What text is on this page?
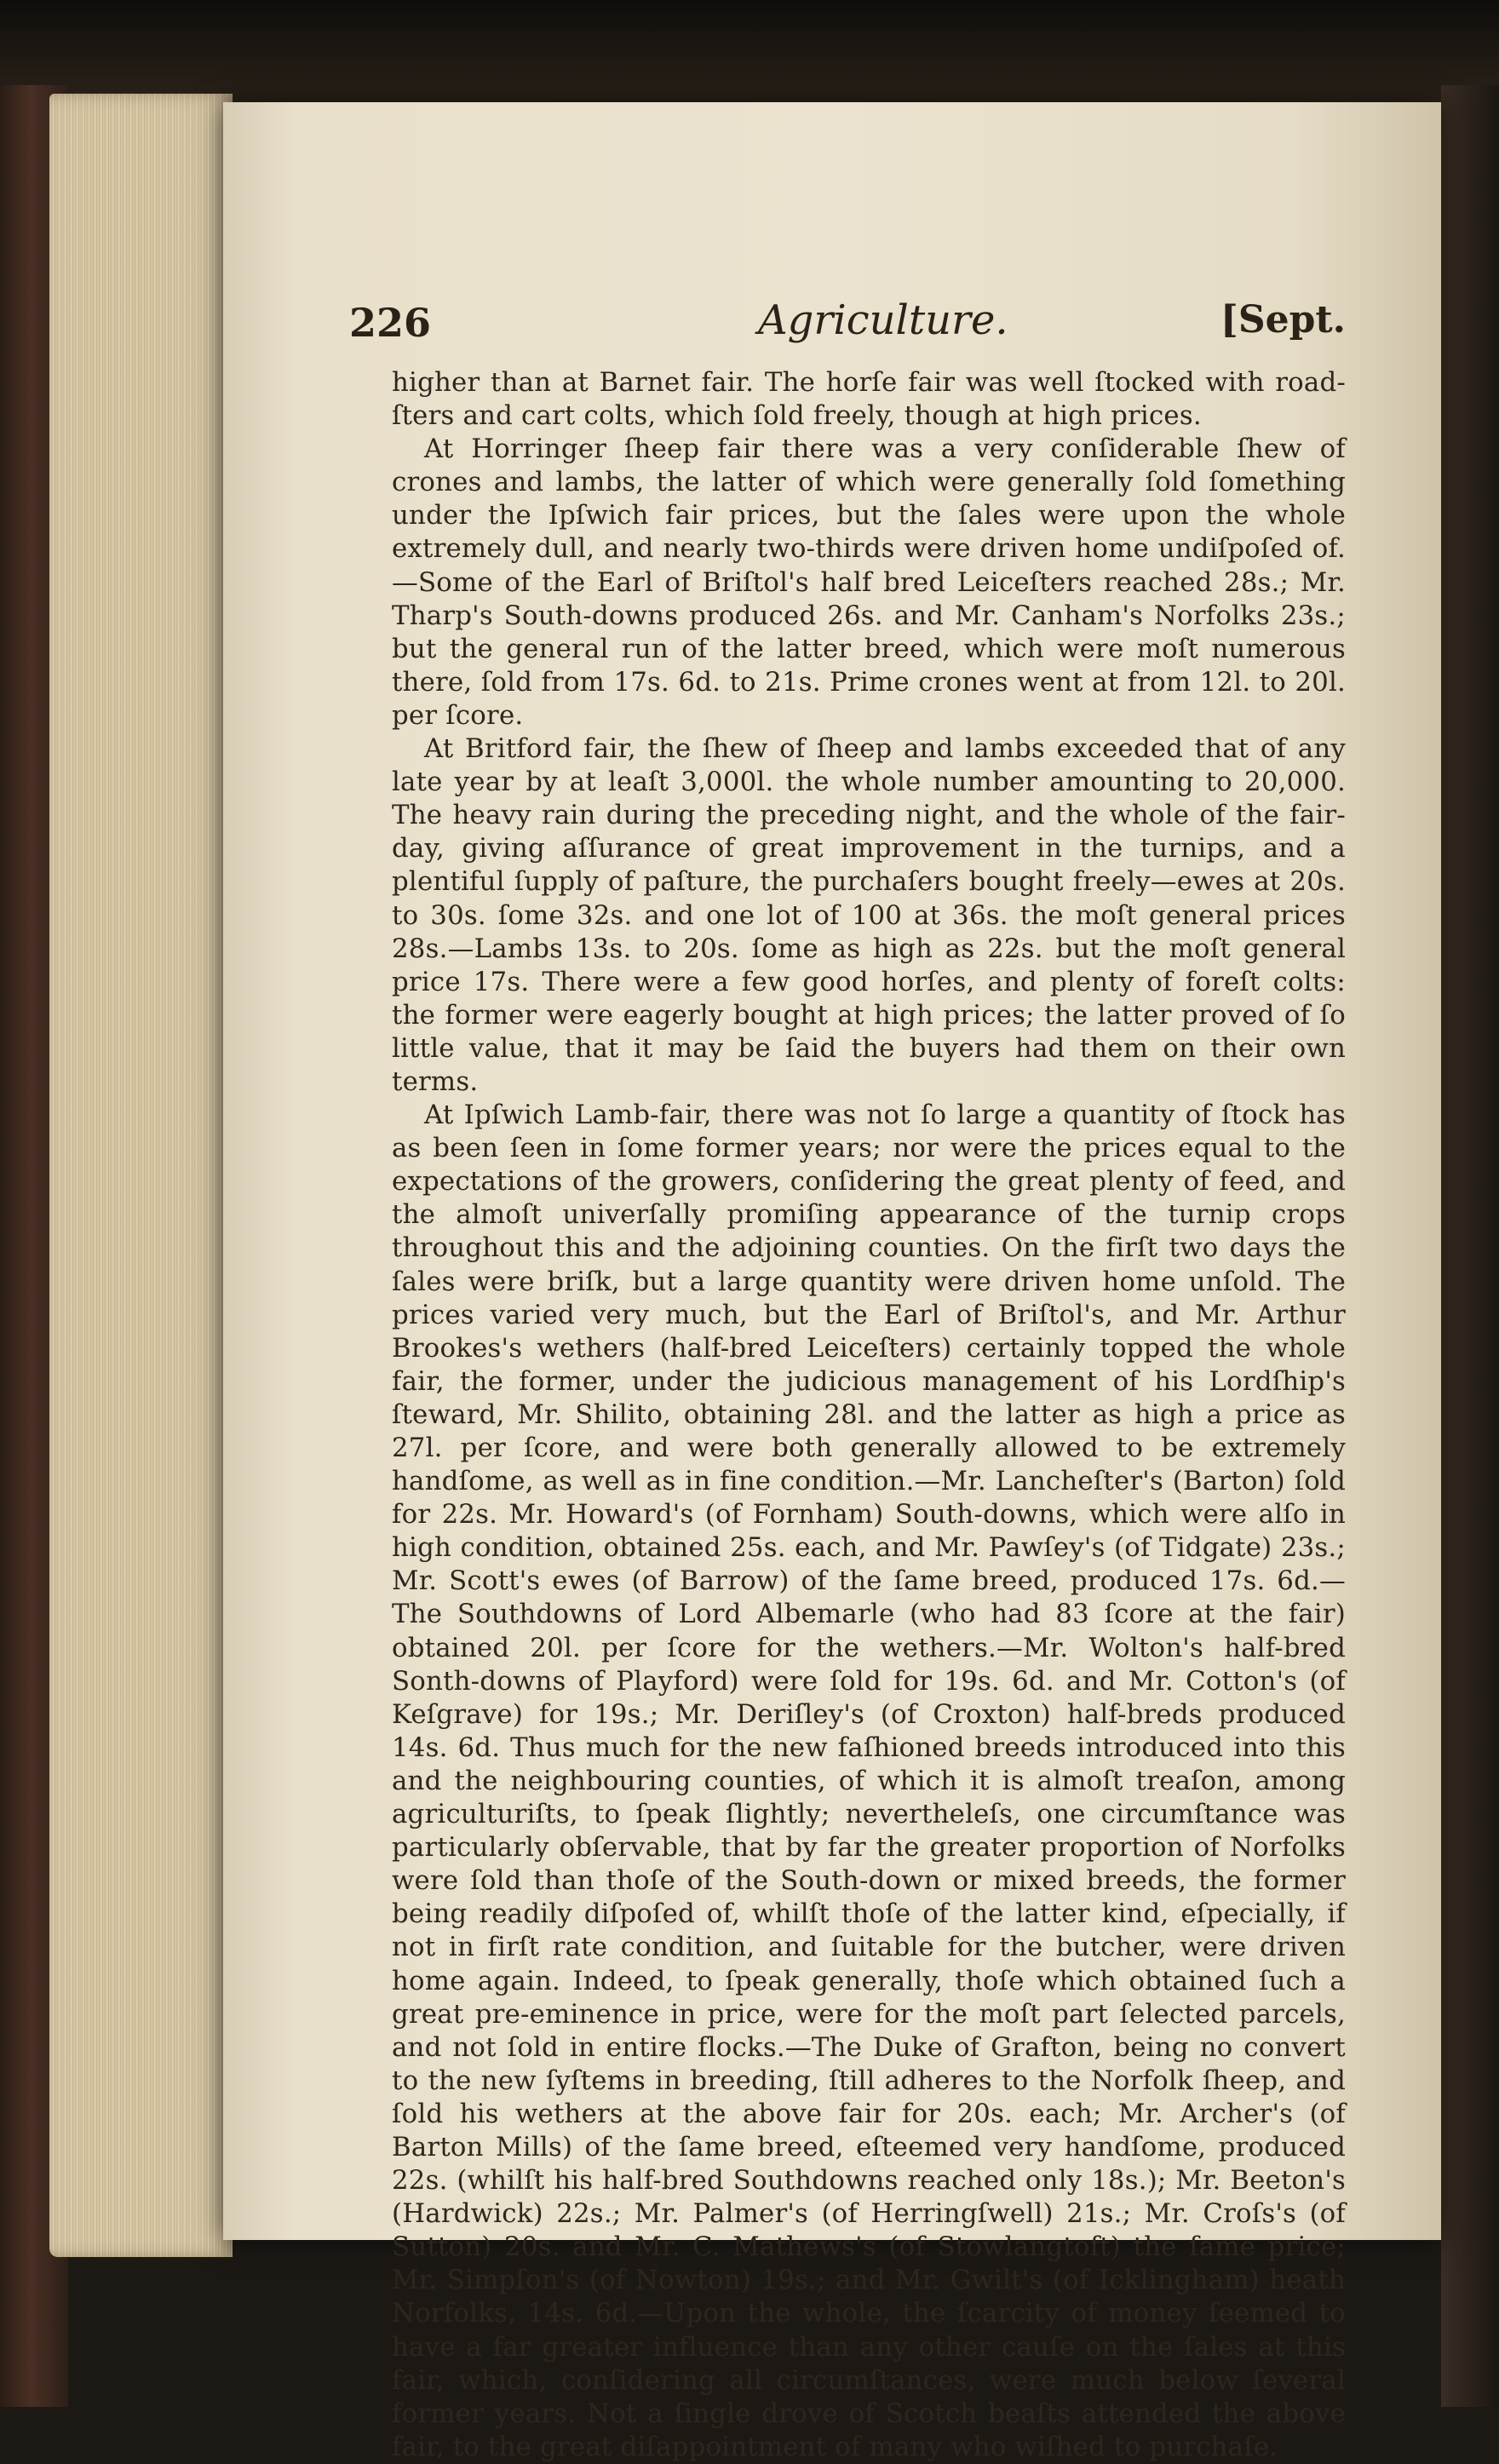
226	Agriculture.	[Sept.

higher than at Barnet fair. The horſe fair was well ſtocked with road-ſters and cart colts, which ſold freely, though at high prices.

At Horringer ſheep fair there was a very conſiderable ſhew of crones and lambs, the latter of which were generally ſold ſomething under the Ipſwich fair prices, but the ſales were upon the whole extremely dull, and nearly two-thirds were driven home undiſpoſed of.—Some of the Earl of Briſtol's half bred Leiceſters reached 28s.; Mr. Tharp's South-downs produced 26s. and Mr. Canham's Norfolks 23s.; but the general run of the latter breed, which were moſt numerous there, ſold from 17s. 6d. to 21s. Prime crones went at from 12l. to 20l. per ſcore.

At Britford fair, the ſhew of ſheep and lambs exceeded that of any late year by at leaſt 3,000l. the whole number amounting to 20,000. The heavy rain during the preceding night, and the whole of the fair-day, giving aſſurance of great improvement in the turnips, and a plentiful ſupply of paſture, the purchaſers bought freely—ewes at 20s. to 30s. ſome 32s. and one lot of 100 at 36s. the moſt general prices 28s.—Lambs 13s. to 20s. ſome as high as 22s. but the moſt general price 17s. There were a few good horſes, and plenty of foreſt colts: the former were eagerly bought at high prices; the latter proved of ſo little value, that it may be ſaid the buyers had them on their own terms.

At Ipſwich Lamb-fair, there was not ſo large a quantity of ſtock has as been ſeen in ſome former years; nor were the prices equal to the expectations of the growers, conſidering the great plenty of feed, and the almoſt univerſally promiſing appearance of the turnip crops throughout this and the adjoining counties. On the firſt two days the ſales were briſk, but a large quantity were driven home unſold. The prices varied very much, but the Earl of Briſtol's, and Mr. Arthur Brookes's wethers (half-bred Leiceſters) certainly topped the whole fair, the former, under the judicious management of his Lordſhip's ſteward, Mr. Shilito, obtaining 28l. and the latter as high a price as 27l. per ſcore, and were both generally allowed to be extremely handſome, as well as in fine condition.—Mr. Lancheſter's (Barton) ſold for 22s. Mr. Howard's (of Fornham) South-downs, which were alſo in high condition, obtained 25s. each, and Mr. Pawſey's (of Tidgate) 23s.; Mr. Scott's ewes (of Barrow) of the ſame breed, produced 17s. 6d.—The Southdowns of Lord Albemarle (who had 83 ſcore at the fair) obtained 20l. per ſcore for the wethers.—Mr. Wolton's half-bred Sonth-downs of Playford) were ſold for 19s. 6d. and Mr. Cotton's (of Keſgrave) for 19s.; Mr. Deriſley's (of Croxton) half-breds produced 14s. 6d. Thus much for the new faſhioned breeds introduced into this and the neighbouring counties, of which it is almoſt treaſon, among agriculturiſts, to ſpeak ſlightly; nevertheleſs, one circumſtance was particularly obſervable, that by far the greater proportion of Norfolks were ſold than thoſe of the South-down or mixed breeds, the former being readily diſpoſed of, whilſt thoſe of the latter kind, eſpecially, if not in firſt rate condition, and ſuitable for the butcher, were driven home again. Indeed, to ſpeak generally, thoſe which obtained ſuch a great pre-eminence in price, were for the moſt part ſelected parcels, and not ſold in entire flocks.—The Duke of Grafton, being no convert to the new ſyſtems in breeding, ſtill adheres to the Norfolk ſheep, and ſold his wethers at the above fair for 20s. each; Mr. Archer's (of Barton Mills) of the ſame breed, eſteemed very handſome, produced 22s. (whilſt his half-bred Southdowns reached only 18s.); Mr. Beeton's (Hardwick) 22s.; Mr. Palmer's (of Herringſwell) 21s.; Mr. Croſs's (of Sutton) 20s. and Mr. C. Mathews's (of Stowlangtoft) the ſame price; Mr. Simpſon's (of Nowton) 19s.; and Mr. Gwilt's (of Icklingham) heath Norfolks, 14s. 6d.—Upon the whole, the ſcarcity of money ſeemed to have a far greater influence than any other cauſe on the ſales at this fair, which, conſidering all circumſtances, were much below ſeveral former years. Not a ſingle drove of Scotch beaſts attended the above fair, to the great diſappointment of many who wiſhed to purchaſe.
